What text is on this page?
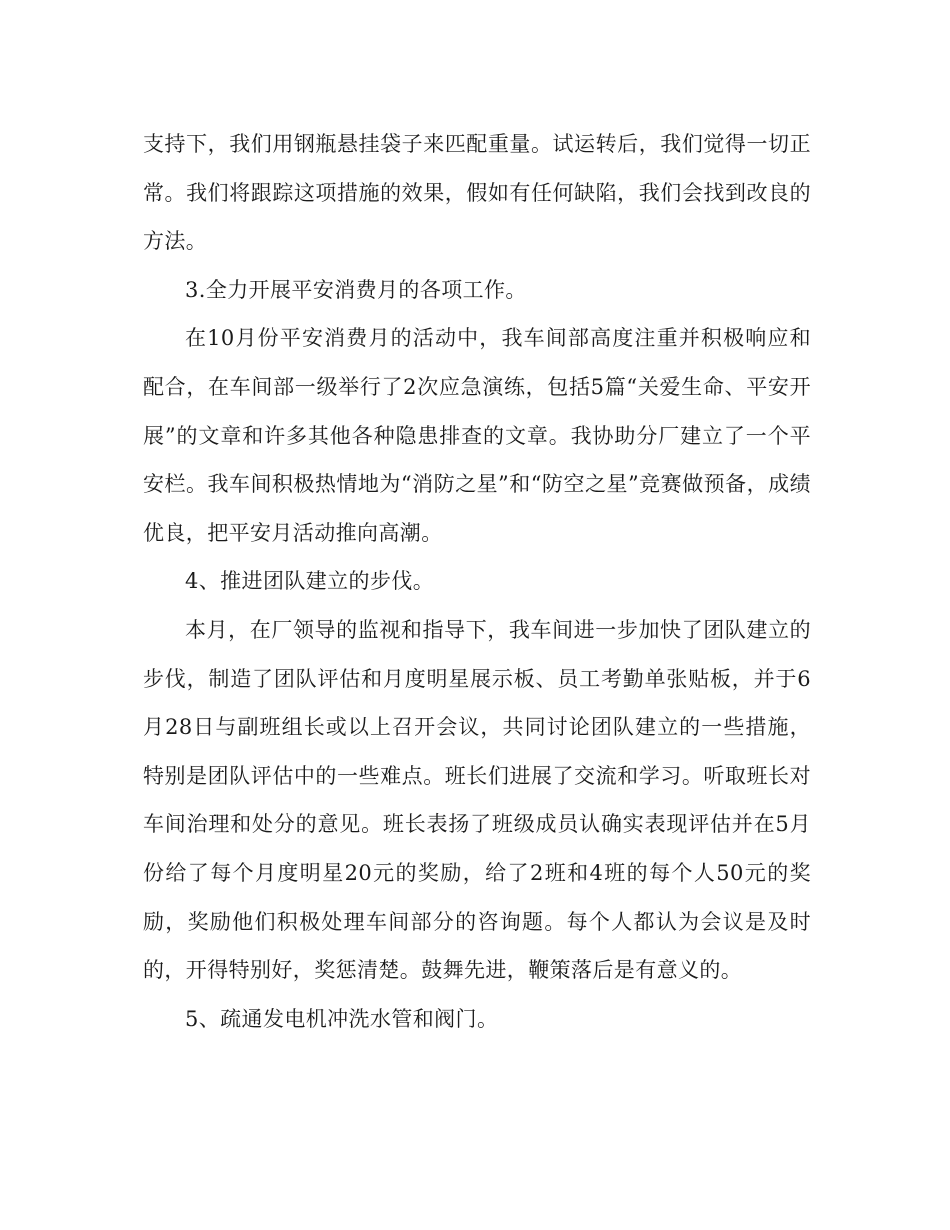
支持下，我们用钢瓶悬挂袋子来匹配重量。试运转后，我们觉得一切正常。我们将跟踪这项措施的效果，假如有任何缺陷，我们会找到改良的方法。

3.全力开展平安消费月的各项工作。

在10月份平安消费月的活动中，我车间部高度注重并积极响应和配合，在车间部一级举行了2次应急演练，包括5篇“关爱生命、平安开展”的文章和许多其他各种隐患排查的文章。我协助分厂建立了一个平安栏。我车间积极热情地为“消防之星”和“防空之星”竞赛做预备，成绩优良，把平安月活动推向高潮。

4、推进团队建立的步伐。

本月，在厂领导的监视和指导下，我车间进一步加快了团队建立的步伐，制造了团队评估和月度明星展示板、员工考勤单张贴板，并于6月28日与副班组长或以上召开会议，共同讨论团队建立的一些措施，特别是团队评估中的一些难点。班长们进展了交流和学习。听取班长对车间治理和处分的意见。班长表扬了班级成员认确实表现评估并在5月份给了每个月度明星20元的奖励，给了2班和4班的每个人50元的奖励，奖励他们积极处理车间部分的咨询题。每个人都认为会议是及时的，开得特别好，奖惩清楚。鼓舞先进，鞭策落后是有意义的。

5、疏通发电机冲洗水管和阀门。
